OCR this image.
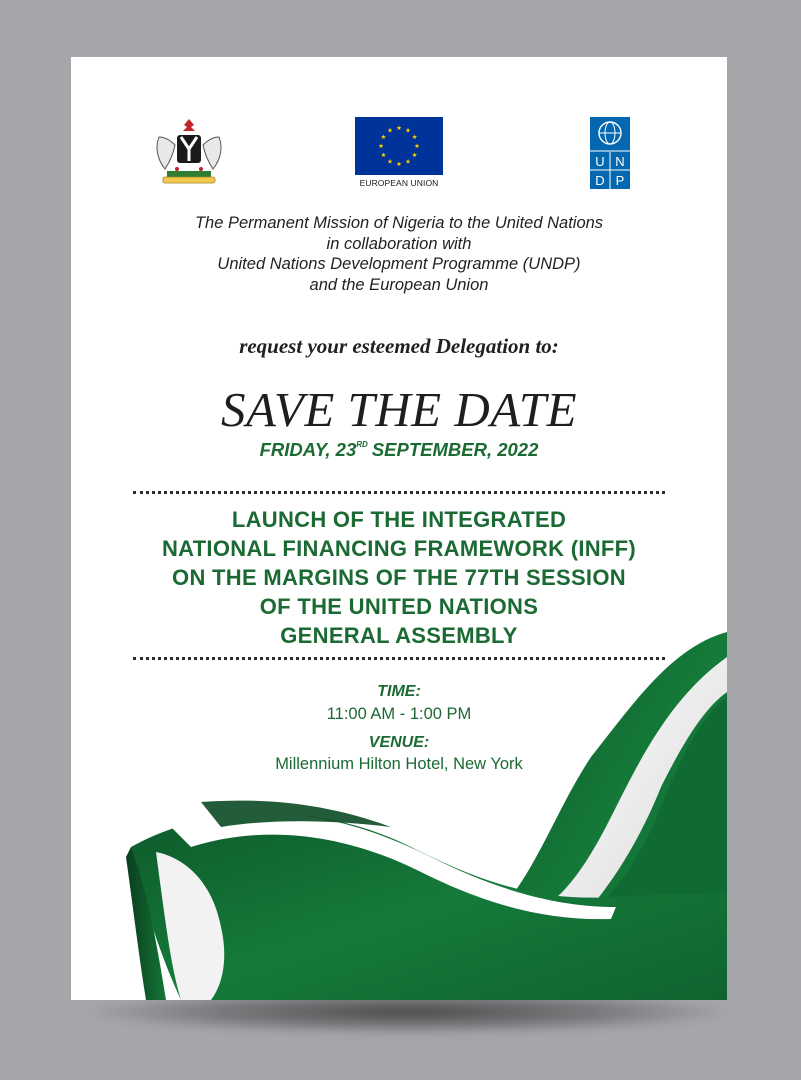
EUROPEAN UNION
U N
D P
The Permanent Mission of Nigeria to the United Nations
in collaboration with
United Nations Development Programme (UNDP)
and the European Union
request your esteemed Delegation to:
SAVE THE DATE
FRIDAY, 23RD SEPTEMBER, 2022
LAUNCH OF THE INTEGRATED
NATIONAL FINANCING FRAMEWORK (INFF)
ON THE MARGINS OF THE 77TH SESSION
OF THE UNITED NATIONS
GENERAL ASSEMBLY
TIME:
11:00 AM - 1:00 PM
VENUE:
Millennium Hilton Hotel, New York
